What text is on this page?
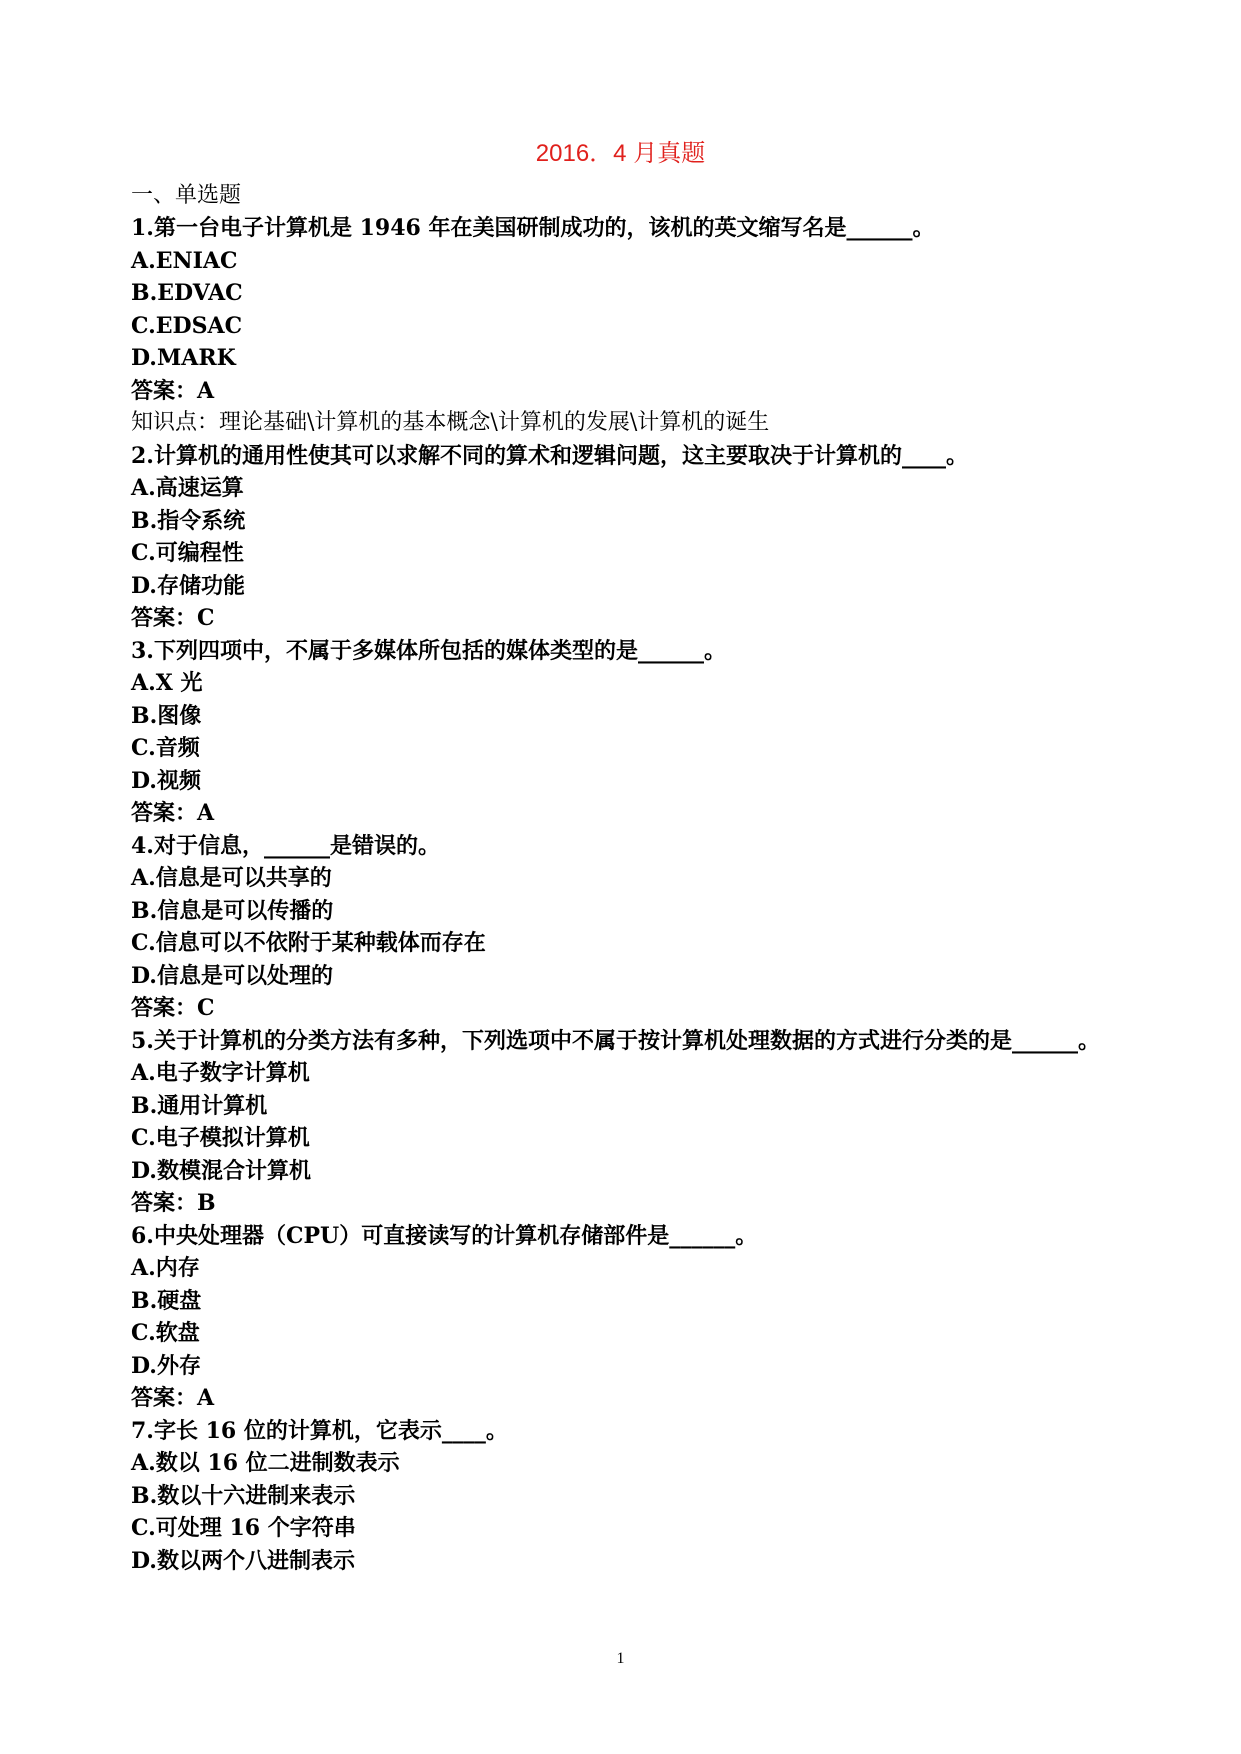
2016．4 月真题

一、单选题

1.第一台电子计算机是 1946 年在美国研制成功的，该机的英文缩写名是______。

A.ENIAC

B.EDVAC

C.EDSAC

D.MARK

答案：A

知识点：理论基础\计算机的基本概念\计算机的发展\计算机的诞生

2.计算机的通用性使其可以求解不同的算术和逻辑问题，这主要取决于计算机的____。

A.高速运算

B.指令系统

C.可编程性

D.存储功能

答案：C

3.下列四项中，不属于多媒体所包括的媒体类型的是______。

A.X 光

B.图像

C.音频

D.视频

答案：A

4.对于信息，______是错误的。

A.信息是可以共享的

B.信息是可以传播的

C.信息可以不依附于某种载体而存在

D.信息是可以处理的

答案：C

5.关于计算机的分类方法有多种，下列选项中不属于按计算机处理数据的方式进行分类的是______。

A.电子数字计算机

B.通用计算机

C.电子模拟计算机

D.数模混合计算机

答案：B

6.中央处理器（CPU）可直接读写的计算机存储部件是______。

A.内存

B.硬盘

C.软盘

D.外存

答案：A

7.字长 16 位的计算机，它表示____。

A.数以 16 位二进制数表示

B.数以十六进制来表示

C.可处理 16 个字符串

D.数以两个八进制表示

1
